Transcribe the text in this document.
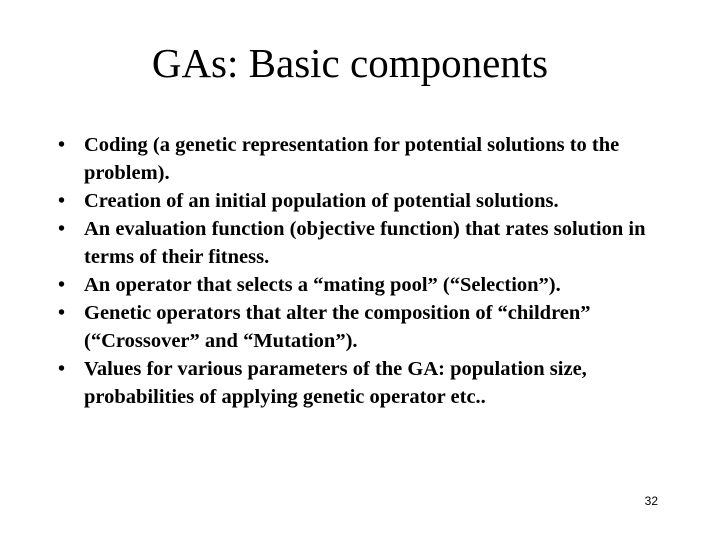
GAs: Basic components
• Coding (a genetic representation for potential solutions to the problem).
• Creation of an initial population of potential solutions.
• An evaluation function (objective function) that rates solution in terms of their fitness.
• An operator that selects a “mating pool” (“Selection”).
• Genetic operators that alter the composition of “children” (“Crossover” and “Mutation”).
• Values for various parameters of the GA: population size, probabilities of applying genetic operator etc..
32
